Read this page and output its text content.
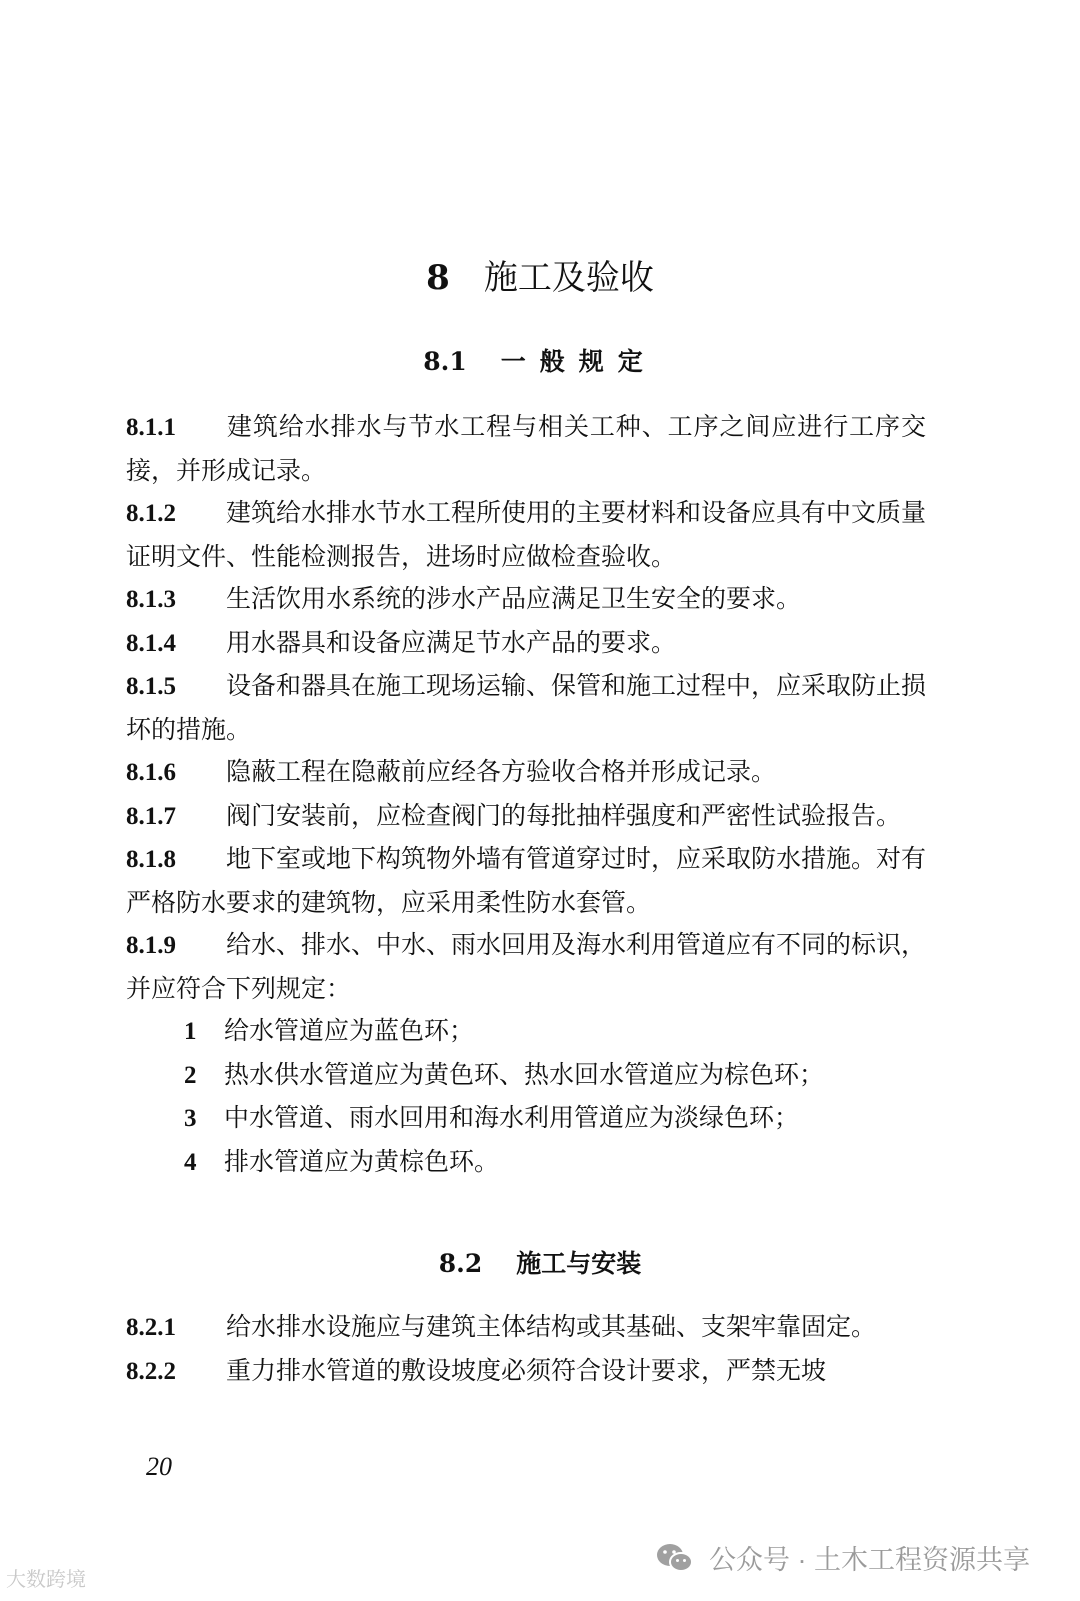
8 施工及验收
8.1 一般规定
8.1.1 建筑给水排水与节水工程与相关工种、工序之间应进行工序交接，并形成记录。
8.1.2 建筑给水排水节水工程所使用的主要材料和设备应具有中文质量证明文件、性能检测报告，进场时应做检查验收。
8.1.3 生活饮用水系统的涉水产品应满足卫生安全的要求。
8.1.4 用水器具和设备应满足节水产品的要求。
8.1.5 设备和器具在施工现场运输、保管和施工过程中，应采取防止损坏的措施。
8.1.6 隐蔽工程在隐蔽前应经各方验收合格并形成记录。
8.1.7 阀门安装前，应检查阀门的每批抽样强度和严密性试验报告。
8.1.8 地下室或地下构筑物外墙有管道穿过时，应采取防水措施。对有严格防水要求的建筑物，应采用柔性防水套管。
8.1.9 给水、排水、中水、雨水回用及海水利用管道应有不同的标识，并应符合下列规定：
1 给水管道应为蓝色环；
2 热水供水管道应为黄色环、热水回水管道应为棕色环；
3 中水管道、雨水回用和海水利用管道应为淡绿色环；
4 排水管道应为黄棕色环。
8.2 施工与安装
8.2.1 给水排水设施应与建筑主体结构或其基础、支架牢靠固定。
8.2.2 重力排水管道的敷设坡度必须符合设计要求，严禁无坡
20
大数跨境
公众号 · 土木工程资源共享
